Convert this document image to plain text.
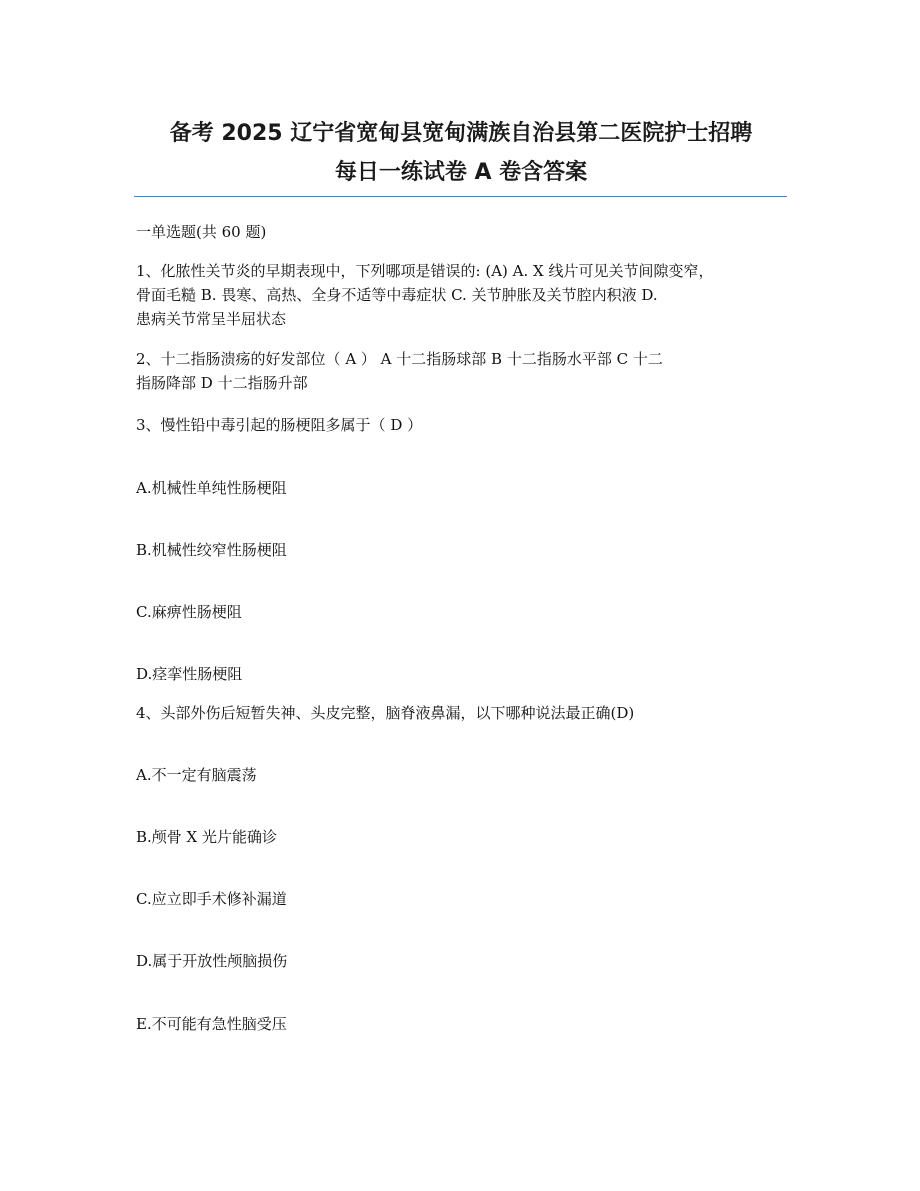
备考 2025 辽宁省宽甸县宽甸满族自治县第二医院护士招聘
每日一练试卷 A 卷含答案
一单选题(共 60 题)
1、化脓性关节炎的早期表现中，下列哪项是错误的: (A) A. X 线片可见关节间隙变窄，
骨面毛糙 B. 畏寒、高热、全身不适等中毒症状 C. 关节肿胀及关节腔内积液 D.
患病关节常呈半屈状态
2、十二指肠溃疡的好发部位（ A ） A 十二指肠球部 B 十二指肠水平部 C 十二
指肠降部 D 十二指肠升部
3、慢性铅中毒引起的肠梗阻多属于（ D ）
A.机械性单纯性肠梗阻
B.机械性绞窄性肠梗阻
C.麻痹性肠梗阻
D.痉挛性肠梗阻
4、头部外伤后短暂失神、头皮完整，脑脊液鼻漏，以下哪种说法最正确(D)
A.不一定有脑震荡
B.颅骨 X 光片能确诊
C.应立即手术修补漏道
D.属于开放性颅脑损伤
E.不可能有急性脑受压
